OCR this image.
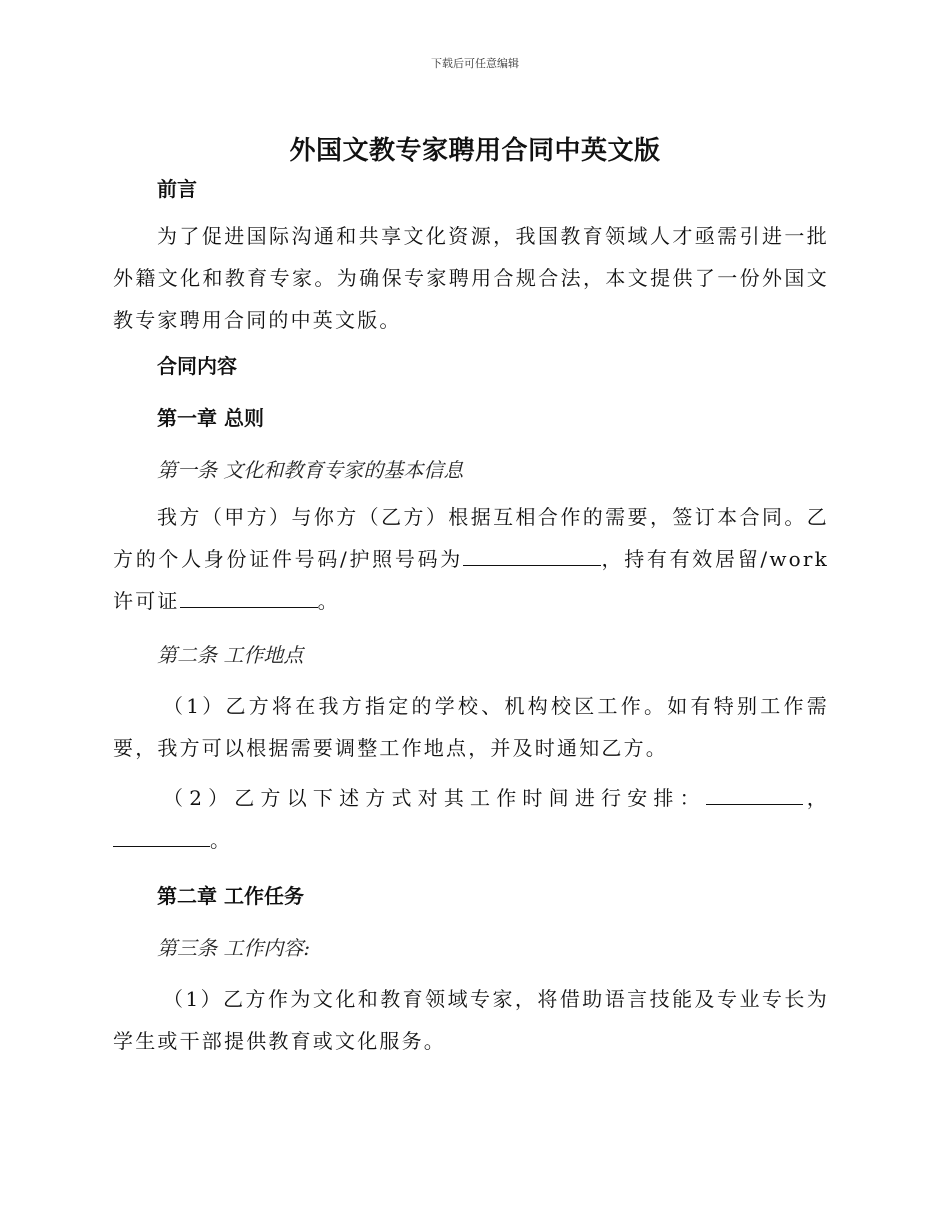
下载后可任意编辑
外国文教专家聘用合同中英文版

前言

为了促进国际沟通和共享文化资源，我国教育领域人才亟需引进一批外籍文化和教育专家。为确保专家聘用合规合法，本文提供了一份外国文教专家聘用合同的中英文版。

合同内容

第一章 总则

第一条 文化和教育专家的基本信息

我方（甲方）与你方（乙方）根据互相合作的需要，签订本合同。乙方的个人身份证件号码/护照号码为	，持有有效居留/work许可证	。

第二条 工作地点

（1）乙方将在我方指定的学校、机构校区工作。如有特别工作需要，我方可以根据需要调整工作地点，并及时通知乙方。

（2）乙方以下述方式对其工作时间进行安排：	，。

第二章 工作任务

第三条 工作内容:

（1）乙方作为文化和教育领域专家，将借助语言技能及专业专长为学生或干部提供教育或文化服务。
